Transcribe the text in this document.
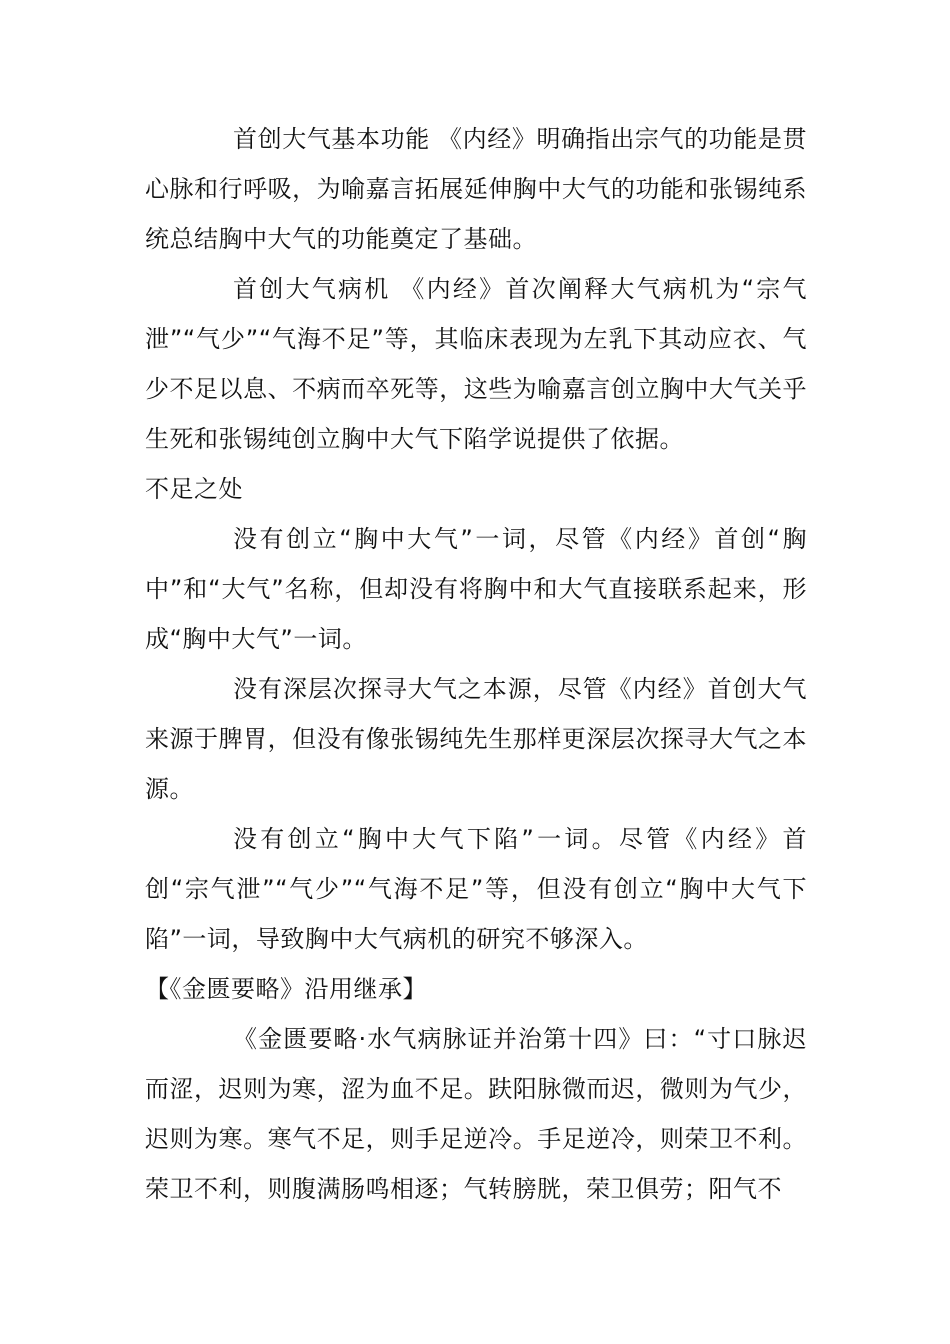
首创大气基本功能 《内经》明确指出宗气的功能是贯心脉和行呼吸，为喻嘉言拓展延伸胸中大气的功能和张锡纯系统总结胸中大气的功能奠定了基础。

首创大气病机 《内经》首次阐释大气病机为“宗气泄”“气少”“气海不足”等，其临床表现为左乳下其动应衣、气少不足以息、不病而卒死等，这些为喻嘉言创立胸中大气关乎生死和张锡纯创立胸中大气下陷学说提供了依据。

不足之处

没有创立“胸中大气”一词，尽管《内经》首创“胸中”和“大气”名称，但却没有将胸中和大气直接联系起来，形成“胸中大气”一词。

没有深层次探寻大气之本源，尽管《内经》首创大气来源于脾胃，但没有像张锡纯先生那样更深层次探寻大气之本源。

没有创立“胸中大气下陷”一词。尽管《内经》首创“宗气泄”“气少”“气海不足”等，但没有创立“胸中大气下陷”一词，导致胸中大气病机的研究不够深入。

【《金匮要略》沿用继承】

《金匮要略·水气病脉证并治第十四》曰：“寸口脉迟而涩，迟则为寒，涩为血不足。趺阳脉微而迟，微则为气少，迟则为寒。寒气不足，则手足逆冷。手足逆冷，则荣卫不利。荣卫不利，则腹满肠鸣相逐；气转膀胱，荣卫俱劳；阳气不
